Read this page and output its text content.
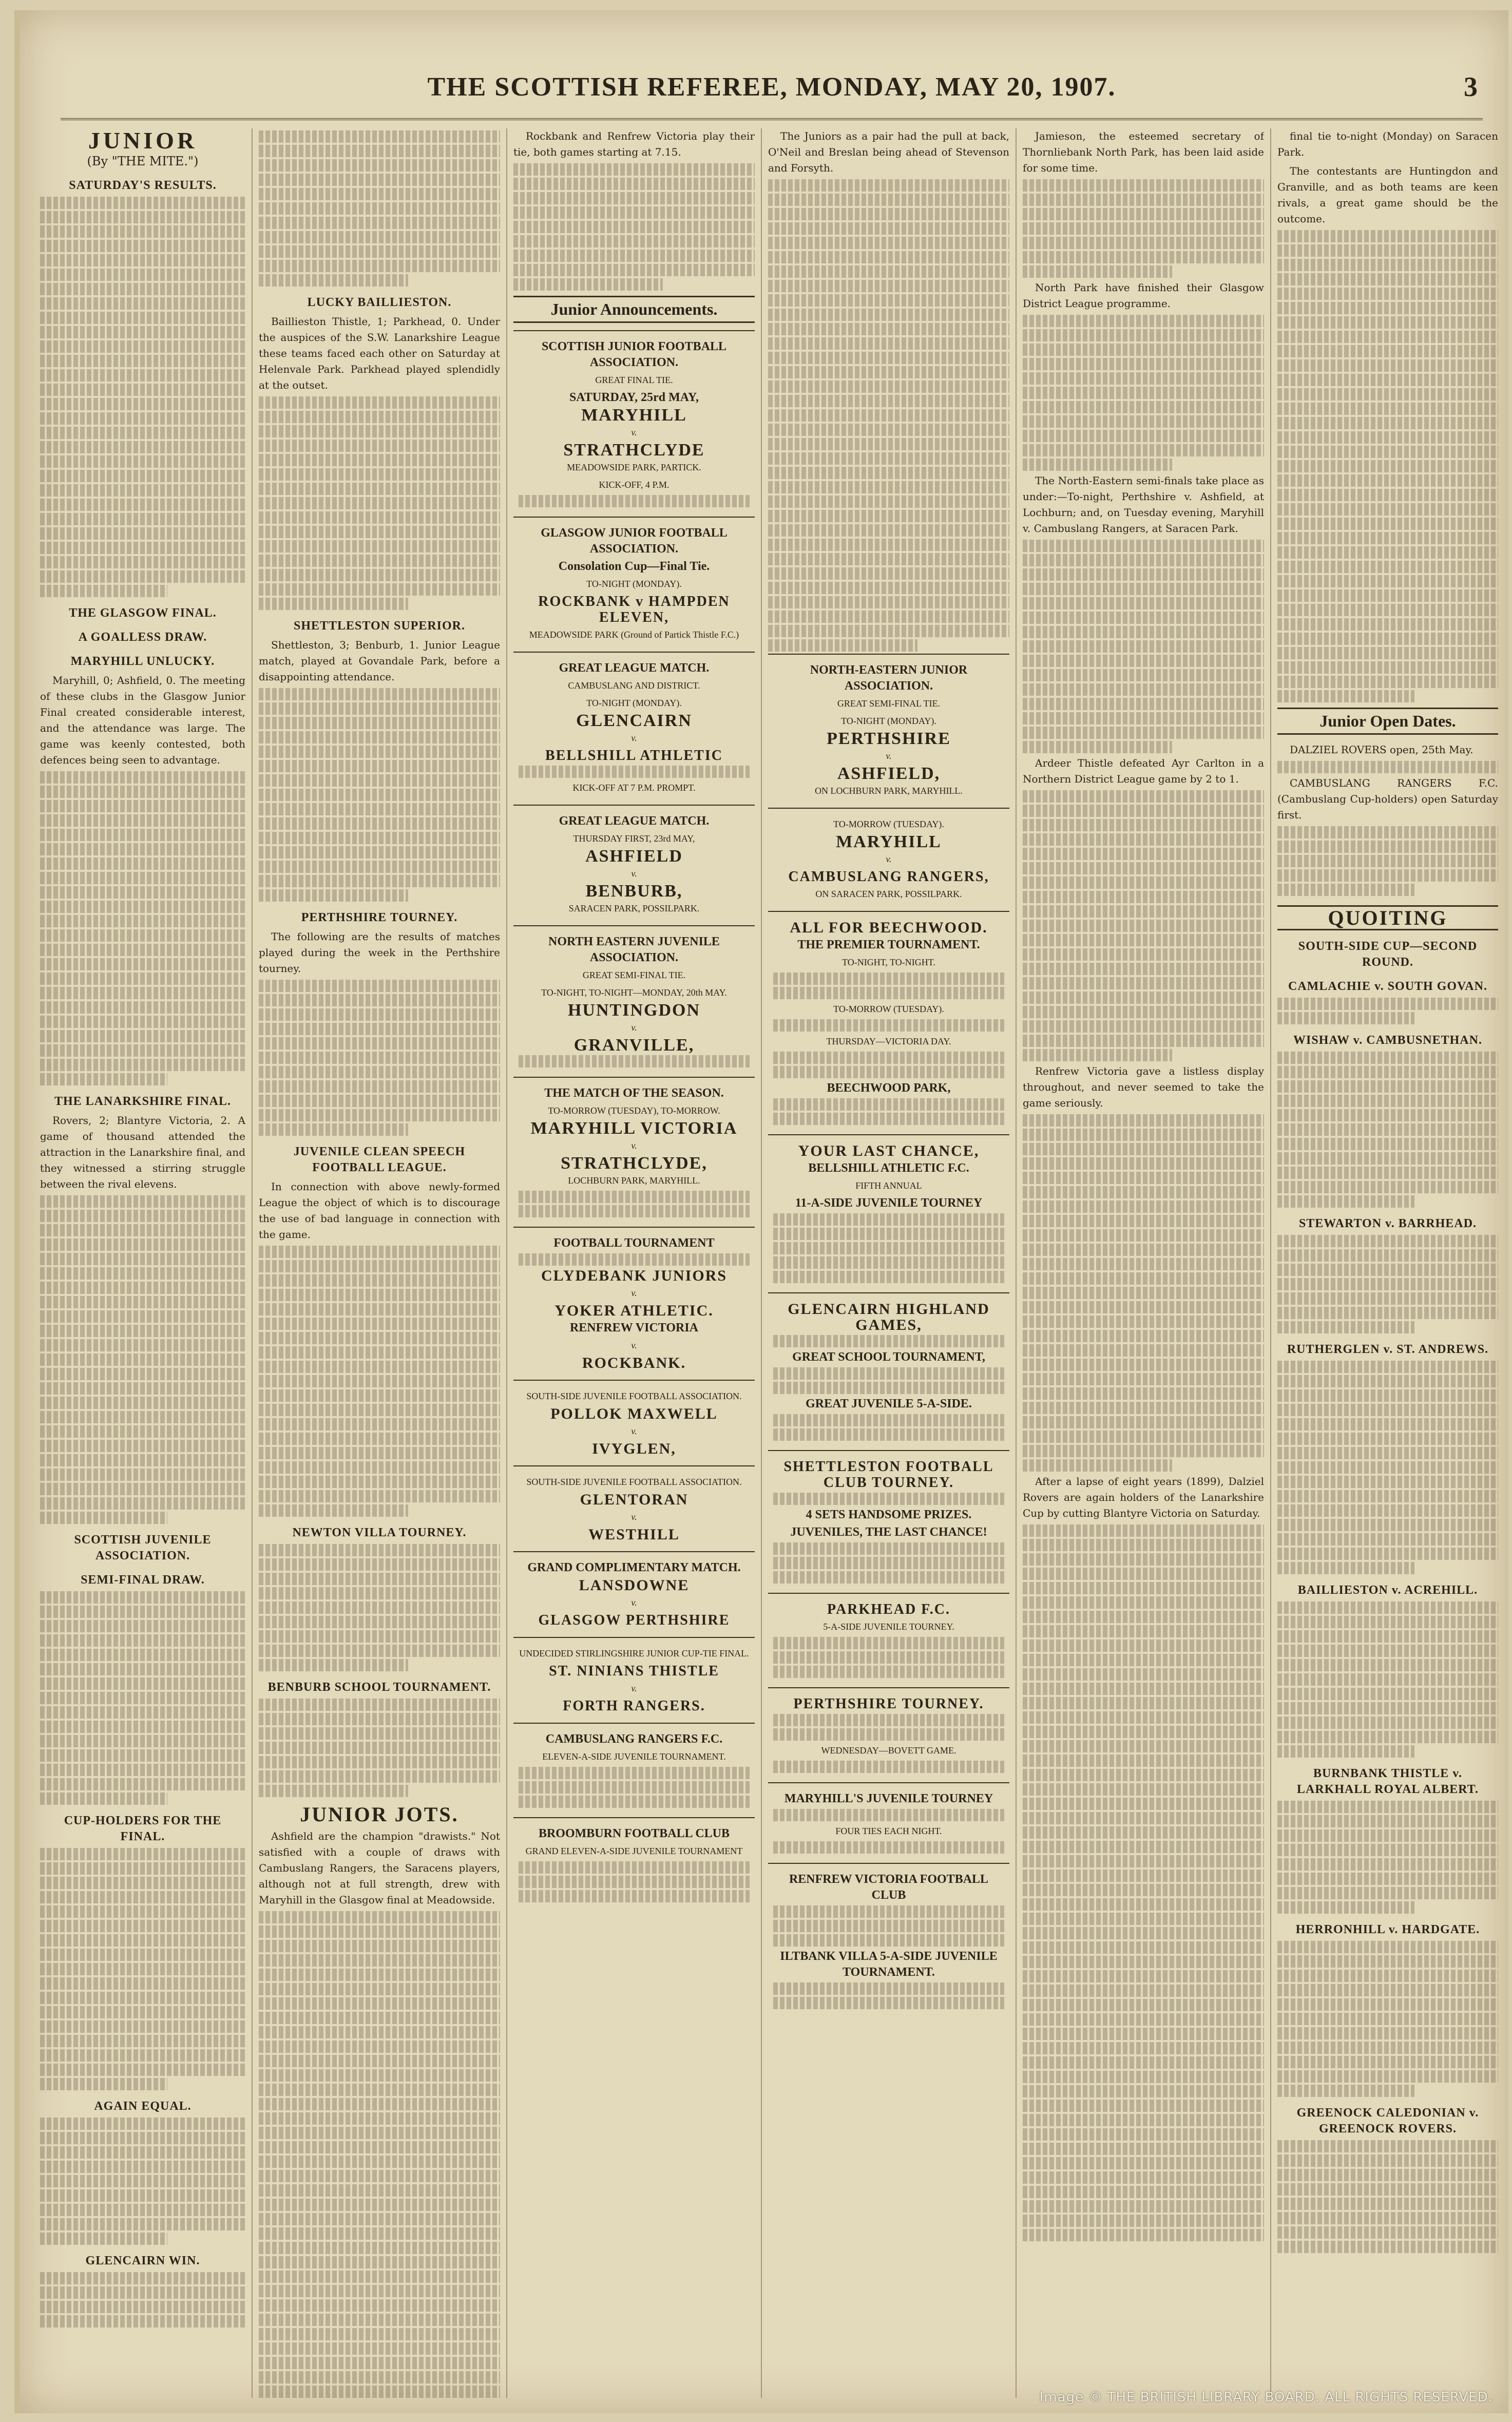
THE SCOTTISH REFEREE, MONDAY, MAY 20, 1907.	3
JUNIOR
(By "THE MITE.")
SATURDAY'S RESULTS.
THE GLASGOW FINAL.
A GOALLESS DRAW.
MARYHILL UNLUCKY.

Maryhill, 0; Ashfield, 0. The meeting of these clubs in the Glasgow Junior Final created considerable interest, and the attendance was large. The game was keenly contested, both defences being seen to advantage.

THE LANARKSHIRE FINAL.

Rovers, 2; Blantyre Victoria, 2. A game of thousand attended the attraction in the Lanarkshire final, and they witnessed a stirring struggle between the rival elevens.

SCOTTISH JUVENILE ASSOCIATION.
SEMI-FINAL DRAW.
CUP-HOLDERS FOR THE FINAL.
AGAIN EQUAL.
GLENCAIRN WIN.
LUCKY BAILLIESTON.

Baillieston Thistle, 1; Parkhead, 0. Under the auspices of the S.W. Lanarkshire League these teams faced each other on Saturday at Helenvale Park. Parkhead played splendidly at the outset.

SHETTLESTON SUPERIOR.

Shettleston, 3; Benburb, 1. Junior League match, played at Govandale Park, before a disappointing attendance.

PERTHSHIRE TOURNEY.

The following are the results of matches played during the week in the Perthshire tourney.

JUVENILE CLEAN SPEECH FOOTBALL LEAGUE.

In connection with above newly-formed League the object of which is to discourage the use of bad language in connection with the game.

NEWTON VILLA TOURNEY.
BENBURB SCHOOL TOURNAMENT.
JUNIOR JOTS.

Ashfield are the champion "drawists." Not satisfied with a couple of draws with Cambuslang Rangers, the Saracens players, although not at full strength, drew with Maryhill in the Glasgow final at Meadowside.

Rockbank and Renfrew Victoria play their tie, both games starting at 7.15.

Junior Announcements.
SCOTTISH JUNIOR FOOTBALL ASSOCIATION.
GREAT FINAL TIE.
SATURDAY, 25rd MAY,
MARYHILL
v.
STRATHCLYDE
MEADOWSIDE PARK, PARTICK.
KICK-OFF, 4 P.M.
GLASGOW JUNIOR FOOTBALL ASSOCIATION.
Consolation Cup—Final Tie.
TO-NIGHT (MONDAY).
ROCKBANK v HAMPDEN ELEVEN,
MEADOWSIDE PARK (Ground of Partick Thistle F.C.)
GREAT LEAGUE MATCH.
CAMBUSLANG AND DISTRICT.
TO-NIGHT (MONDAY).
GLENCAIRN
v.
BELLSHILL ATHLETIC
KICK-OFF AT 7 P.M. PROMPT.
GREAT LEAGUE MATCH.
THURSDAY FIRST, 23rd MAY,
ASHFIELD
v.
BENBURB,
SARACEN PARK, POSSILPARK.
NORTH EASTERN JUVENILE ASSOCIATION.
GREAT SEMI-FINAL TIE.
TO-NIGHT, TO-NIGHT—MONDAY, 20th MAY.
HUNTINGDON
v.
GRANVILLE,
THE MATCH OF THE SEASON.
TO-MORROW (TUESDAY), TO-MORROW.
MARYHILL VICTORIA
v.
STRATHCLYDE,
LOCHBURN PARK, MARYHILL.
FOOTBALL TOURNAMENT
CLYDEBANK JUNIORS
v.
YOKER ATHLETIC.
RENFREW VICTORIA
v.
ROCKBANK.
SOUTH-SIDE JUVENILE FOOTBALL ASSOCIATION.
POLLOK MAXWELL
v.
IVYGLEN,
SOUTH-SIDE JUVENILE FOOTBALL ASSOCIATION.
GLENTORAN
v.
WESTHILL
GRAND COMPLIMENTARY MATCH.
LANSDOWNE
v.
GLASGOW PERTHSHIRE
UNDECIDED STIRLINGSHIRE JUNIOR CUP-TIE FINAL.
ST. NINIANS THISTLE
v.
FORTH RANGERS.
CAMBUSLANG RANGERS F.C.
ELEVEN-A-SIDE JUVENILE TOURNAMENT.
BROOMBURN FOOTBALL CLUB
GRAND ELEVEN-A-SIDE JUVENILE TOURNAMENT

The Juniors as a pair had the pull at back, O'Neil and Breslan being ahead of Stevenson and Forsyth.

NORTH-EASTERN JUNIOR ASSOCIATION.
GREAT SEMI-FINAL TIE.
TO-NIGHT (MONDAY).
PERTHSHIRE
v.
ASHFIELD,
ON LOCHBURN PARK, MARYHILL.
TO-MORROW (TUESDAY).
MARYHILL
v.
CAMBUSLANG RANGERS,
ON SARACEN PARK, POSSILPARK.
ALL FOR BEECHWOOD.
THE PREMIER TOURNAMENT.
TO-NIGHT, TO-NIGHT.
TO-MORROW (TUESDAY).
THURSDAY—VICTORIA DAY.
BEECHWOOD PARK,
YOUR LAST CHANCE,
BELLSHILL ATHLETIC F.C.
FIFTH ANNUAL
11-A-SIDE JUVENILE TOURNEY
GLENCAIRN HIGHLAND GAMES,
GREAT SCHOOL TOURNAMENT,
GREAT JUVENILE 5-A-SIDE.
SHETTLESTON FOOTBALL CLUB TOURNEY.
4 SETS HANDSOME PRIZES.
JUVENILES, THE LAST CHANCE!
PARKHEAD F.C.
5-A-SIDE JUVENILE TOURNEY.
PERTHSHIRE TOURNEY.
WEDNESDAY—BOVETT GAME.
MARYHILL'S JUVENILE TOURNEY
FOUR TIES EACH NIGHT.
RENFREW VICTORIA FOOTBALL CLUB
ILTBANK VILLA 5-A-SIDE JUVENILE TOURNAMENT.

Jamieson, the esteemed secretary of Thornliebank North Park, has been laid aside for some time.

North Park have finished their Glasgow District League programme.

The North-Eastern semi-finals take place as under:—To-night, Perthshire v. Ashfield, at Lochburn; and, on Tuesday evening, Maryhill v. Cambuslang Rangers, at Saracen Park.

Ardeer Thistle defeated Ayr Carlton in a Northern District League game by 2 to 1.

Renfrew Victoria gave a listless display throughout, and never seemed to take the game seriously.

After a lapse of eight years (1899), Dalziel Rovers are again holders of the Lanarkshire Cup by cutting Blantyre Victoria on Saturday.

final tie to-night (Monday) on Saracen Park.

The contestants are Huntingdon and Granville, and as both teams are keen rivals, a great game should be the outcome.

Junior Open Dates.

DALZIEL ROVERS open, 25th May.

CAMBUSLANG RANGERS F.C. (Cambuslang Cup-holders) open Saturday first.

QUOITING
SOUTH-SIDE CUP—SECOND ROUND.
CAMLACHIE v. SOUTH GOVAN.
WISHAW v. CAMBUSNETHAN.
STEWARTON v. BARRHEAD.
RUTHERGLEN v. ST. ANDREWS.
BAILLIESTON v. ACREHILL.
BURNBANK THISTLE v. LARKHALL ROYAL ALBERT.
HERRONHILL v. HARDGATE.
GREENOCK CALEDONIAN v. GREENOCK ROVERS.
Image © THE BRITISH LIBRARY BOARD. ALL RIGHTS RESERVED.
